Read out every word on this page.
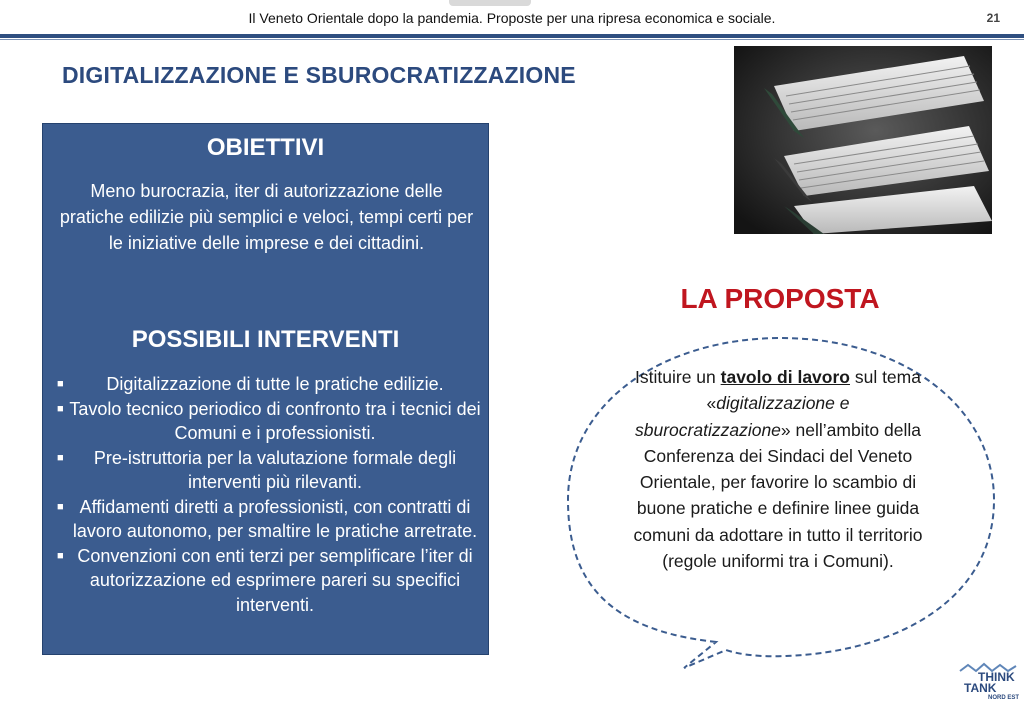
Il Veneto Orientale dopo la pandemia. Proposte per una ripresa economica e sociale.	21
DIGITALIZZAZIONE E SBUROCRATIZZAZIONE
OBIETTIVI
Meno burocrazia, iter di autorizzazione delle pratiche edilizie più semplici e veloci, tempi certi per le iniziative delle imprese e dei cittadini.
POSSIBILI INTERVENTI
■ Digitalizzazione di tutte le pratiche edilizie.
■ Tavolo tecnico periodico di confronto tra i tecnici dei Comuni e i professionisti.
■ Pre-istruttoria per la valutazione formale degli interventi più rilevanti.
■ Affidamenti diretti a professionisti, con contratti di lavoro autonomo, per smaltire le pratiche arretrate.
■ Convenzioni con enti terzi per semplificare l’iter di autorizzazione ed esprimere pareri su specifici interventi.
LA PROPOSTA
Istituire un tavolo di lavoro sul tema «digitalizzazione e sburocratizzazione» nell’ambito della Conferenza dei Sindaci del Veneto Orientale, per favorire lo scambio di buone pratiche e definire linee guida comuni da adottare in tutto il territorio (regole uniformi tra i Comuni).
THINK
TANK
NORD EST
